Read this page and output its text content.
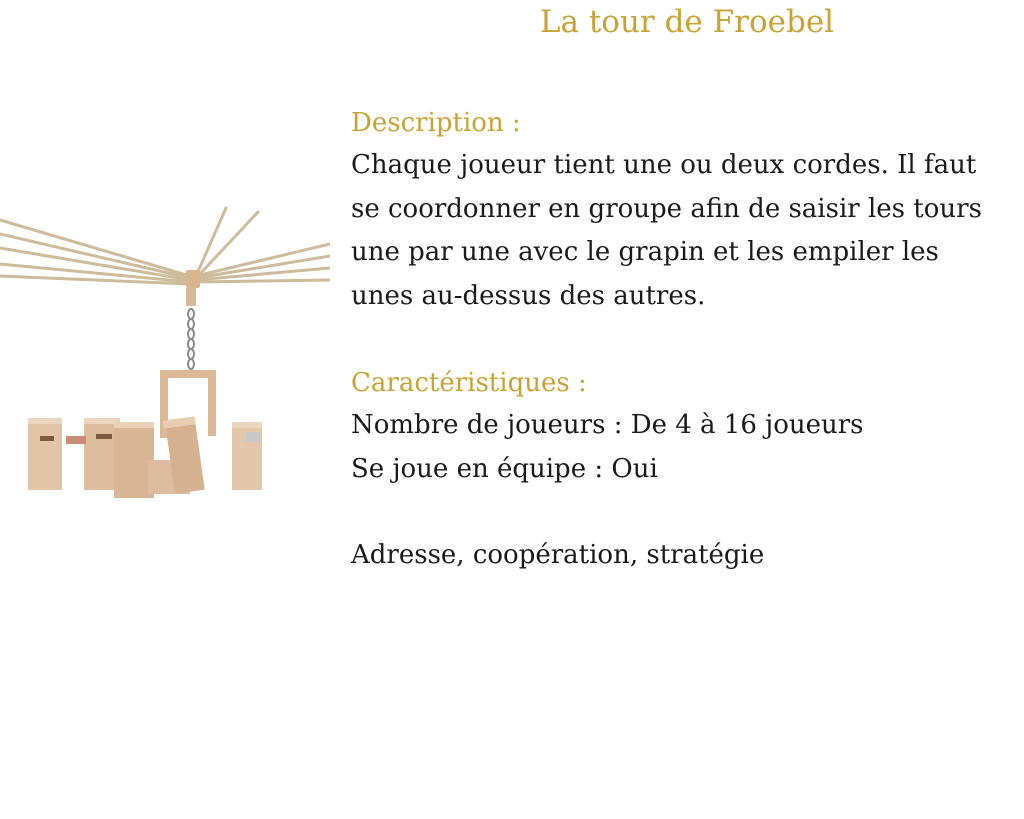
La tour de Froebel
Description :

Chaque joueur tient une ou deux cordes. Il faut
se coordonner en groupe afin de saisir les tours
une par une avec le grapin et les empiler les
unes au-dessus des autres.

Caractéristiques :

Nombre de joueurs : De 4 à 16 joueurs
Se joue en équipe : Oui

Adresse, coopération, stratégie
